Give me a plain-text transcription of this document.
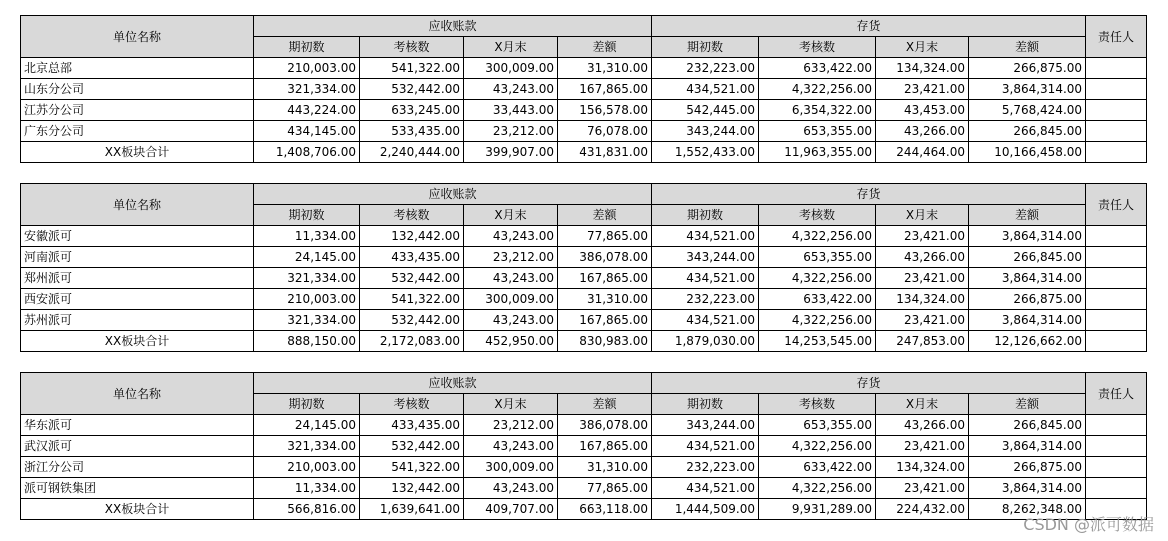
单位名称	应收账款				存货				责任人
	期初数	考核数	X月末	差额	期初数	考核数	X月末	差额	
北京总部	210,003.00	541,322.00	300,009.00	31,310.00	232,223.00	633,422.00	134,324.00	266,875.00	
山东分公司	321,334.00	532,442.00	43,243.00	167,865.00	434,521.00	4,322,256.00	23,421.00	3,864,314.00	
江苏分公司	443,224.00	633,245.00	33,443.00	156,578.00	542,445.00	6,354,322.00	43,453.00	5,768,424.00	
广东分公司	434,145.00	533,435.00	23,212.00	76,078.00	343,244.00	653,355.00	43,266.00	266,845.00	
XX板块合计	1,408,706.00	2,240,444.00	399,907.00	431,831.00	1,552,433.00	11,963,355.00	244,464.00	10,166,458.00	
单位名称	应收账款				存货				责任人
	期初数	考核数	X月末	差额	期初数	考核数	X月末	差额	
安徽派可	11,334.00	132,442.00	43,243.00	77,865.00	434,521.00	4,322,256.00	23,421.00	3,864,314.00	
河南派可	24,145.00	433,435.00	23,212.00	386,078.00	343,244.00	653,355.00	43,266.00	266,845.00	
郑州派可	321,334.00	532,442.00	43,243.00	167,865.00	434,521.00	4,322,256.00	23,421.00	3,864,314.00	
西安派可	210,003.00	541,322.00	300,009.00	31,310.00	232,223.00	633,422.00	134,324.00	266,875.00	
苏州派可	321,334.00	532,442.00	43,243.00	167,865.00	434,521.00	4,322,256.00	23,421.00	3,864,314.00	
XX板块合计	888,150.00	2,172,083.00	452,950.00	830,983.00	1,879,030.00	14,253,545.00	247,853.00	12,126,662.00	
单位名称	应收账款				存货				责任人
	期初数	考核数	X月末	差额	期初数	考核数	X月末	差额	
华东派可	24,145.00	433,435.00	23,212.00	386,078.00	343,244.00	653,355.00	43,266.00	266,845.00	
武汉派可	321,334.00	532,442.00	43,243.00	167,865.00	434,521.00	4,322,256.00	23,421.00	3,864,314.00	
浙江分公司	210,003.00	541,322.00	300,009.00	31,310.00	232,223.00	633,422.00	134,324.00	266,875.00	
派可钢铁集团	11,334.00	132,442.00	43,243.00	77,865.00	434,521.00	4,322,256.00	23,421.00	3,864,314.00	
XX板块合计	566,816.00	1,639,641.00	409,707.00	663,118.00	1,444,509.00	9,931,289.00	224,432.00	8,262,348.00	
CSDN @派可数据
